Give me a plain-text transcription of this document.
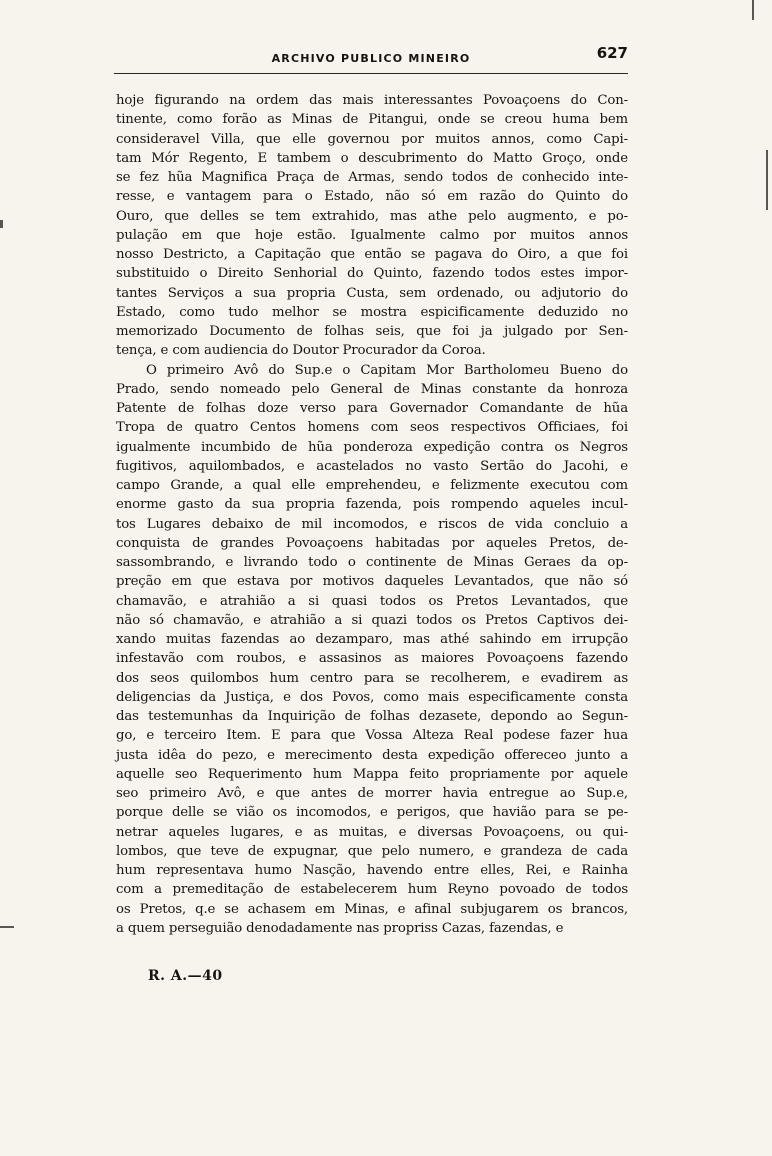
ARCHIVO PUBLICO MINEIRO	627
hoje figurando na ordem das mais interessantes Povoaçoens do Con-
tinente, como forão as Minas de Pitangui, onde se creou huma bem
consideravel Villa, que elle governou por muitos annos, como Capi-
tam Mór Regento, E tambem o descubrimento do Matto Groço, onde
se fez hũa Magnifica Praça de Armas, sendo todos de conhecido inte-
resse, e vantagem para o Estado, não só em razão do Quinto do
Ouro, que delles se tem extrahido, mas athe pelo augmento, e po-
pulação em que hoje estão. Igualmente calmo por muitos annos
nosso Destricto, a Capitação que então se pagava do Oiro, a que foi
substituido o Direito Senhorial do Quinto, fazendo todos estes impor-
tantes Serviços a sua propria Custa, sem ordenado, ou adjutorio do
Estado, como tudo melhor se mostra espicificamente deduzido no
memorizado Documento de folhas seis, que foi ja julgado por Sen-
tença, e com audiencia do Doutor Procurador da Coroa.
O primeiro Avô do Sup.e o Capitam Mor Bartholomeu Bueno do
Prado, sendo nomeado pelo General de Minas constante da honroza
Patente de folhas doze verso para Governador Comandante de hũa
Tropa de quatro Centos homens com seos respectivos Officiaes, foi
igualmente incumbido de hũa ponderoza expedição contra os Negros
fugitivos, aquilombados, e acastelados no vasto Sertão do Jacohi, e
campo Grande, a qual elle emprehendeu, e felizmente executou com
enorme gasto da sua propria fazenda, pois rompendo aqueles incul-
tos Lugares debaixo de mil incomodos, e riscos de vida concluio a
conquista de grandes Povoaçoens habitadas por aqueles Pretos, de-
sassombrando, e livrando todo o continente de Minas Geraes da op-
preção em que estava por motivos daqueles Levantados, que não só
chamavão, e atrahião a si quasi todos os Pretos Levantados, que
não só chamavão, e atrahião a si quazi todos os Pretos Captivos dei-
xando muitas fazendas ao dezamparo, mas athé sahindo em irrupção
infestavão com roubos, e assasinos as maiores Povoaçoens fazendo
dos seos quilombos hum centro para se recolherem, e evadirem as
deligencias da Justiça, e dos Povos, como mais especificamente consta
das testemunhas da Inquirição de folhas dezasete, depondo ao Segun-
go, e terceiro Item. E para que Vossa Alteza Real podese fazer hua
justa idêa do pezo, e merecimento desta expedição offereceo junto a
aquelle seo Requerimento hum Mappa feito propriamente por aquele
seo primeiro Avô, e que antes de morrer havia entregue ao Sup.e,
porque delle se vião os incomodos, e perigos, que havião para se pe-
netrar aqueles lugares, e as muitas, e diversas Povoaçoens, ou qui-
lombos, que teve de expugnar, que pelo numero, e grandeza de cada
hum representava humo Nasção, havendo entre elles, Rei, e Rainha
com a premeditação de estabelecerem hum Reyno povoado de todos
os Pretos, q.e se achasem em Minas, e afinal subjugarem os brancos,
a quem perseguião denodadamente nas propriss Cazas, fazendas, e
R. A.—40
